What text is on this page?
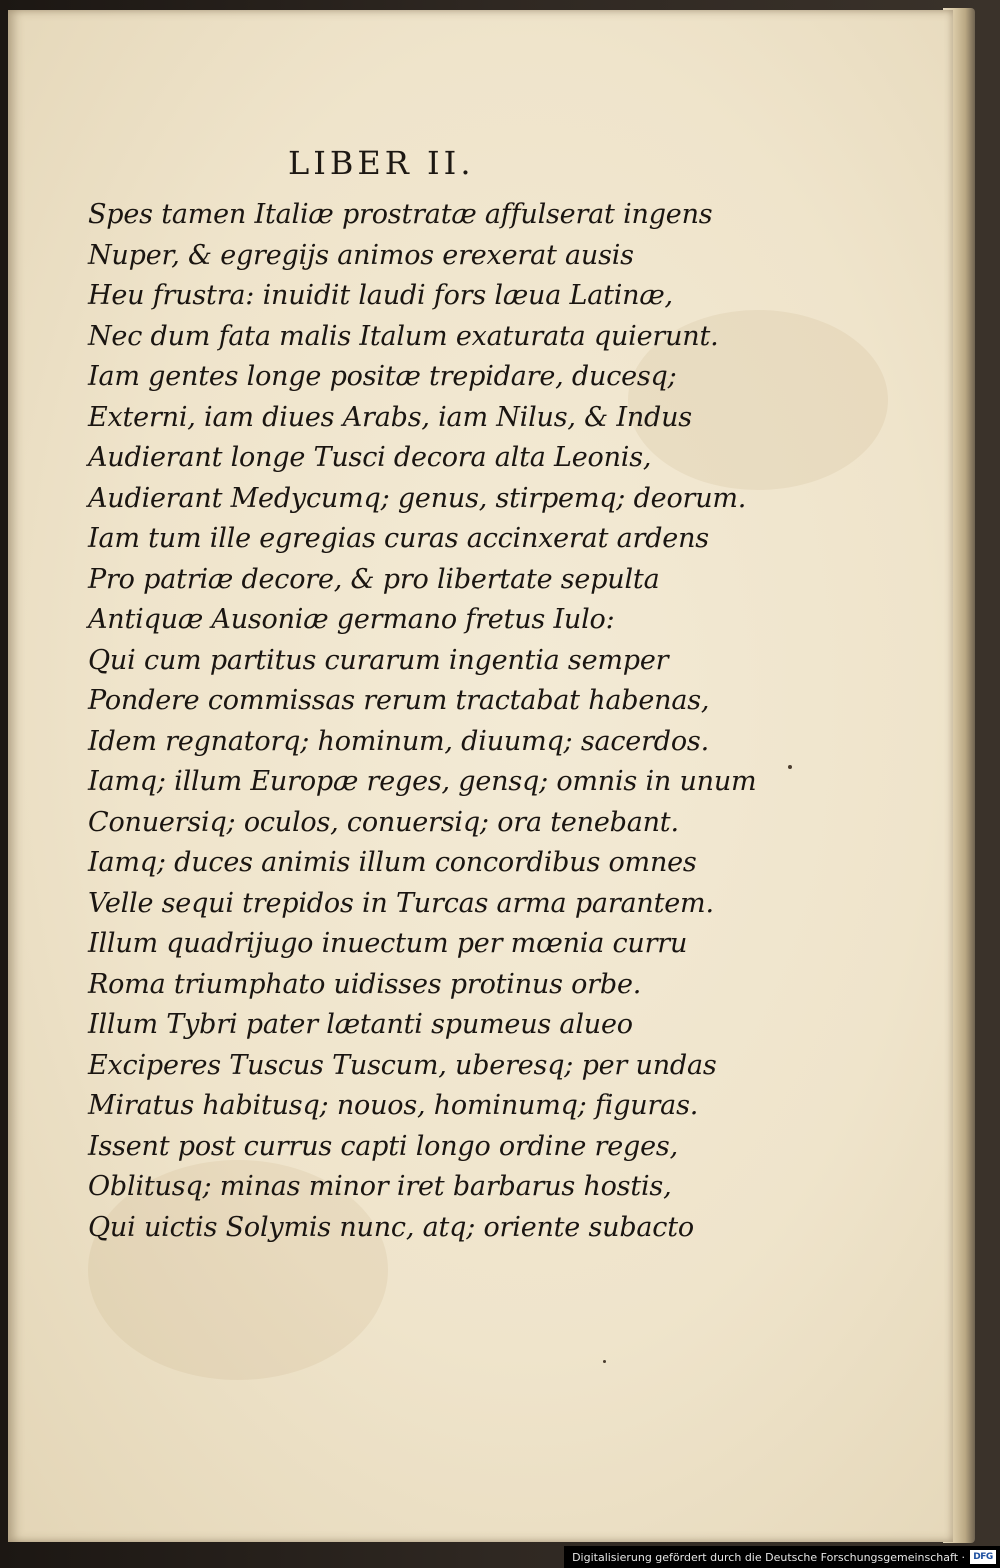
LIBER II.
Spes tamen Italiæ prostratæ affulserat ingens
Nuper, & egregijs animos erexerat ausis
Heu frustra: inuidit laudi fors læua Latinæ,
Nec dum fata malis Italum exaturata quierunt.
Iam gentes longe positæ trepidare, ducesq;
Externi, iam diues Arabs, iam Nilus, & Indus
Audierant longe Tusci decora alta Leonis,
Audierant Medycumq; genus, stirpemq; deorum.
Iam tum ille egregias curas accinxerat ardens
Pro patriæ decore, & pro libertate sepulta
Antiquæ Ausoniæ germano fretus Iulo:
Qui cum partitus curarum ingentia semper
Pondere commissas rerum tractabat habenas,
Idem regnatorq; hominum, diuumq; sacerdos.
Iamq; illum Europæ reges, gensq; omnis in unum
Conuersiq; oculos, conuersiq; ora tenebant.
Iamq; duces animis illum concordibus omnes
Velle sequi trepidos in Turcas arma parantem.
Illum quadrijugo inuectum per mœnia curru
Roma triumphato uidisses protinus orbe.
Illum Tybri pater lætanti spumeus alueo
Exciperes Tuscus Tuscum, uberesq; per undas
Miratus habitusq; nouos, hominumq; figuras.
Issent post currus capti longo ordine reges,
Oblitusq; minas minor iret barbarus hostis,
Qui uictis Solymis nunc, atq; oriente subacto
Digitalisierung gefördert durch die Deutsche Forschungsgemeinschaft · DFG
